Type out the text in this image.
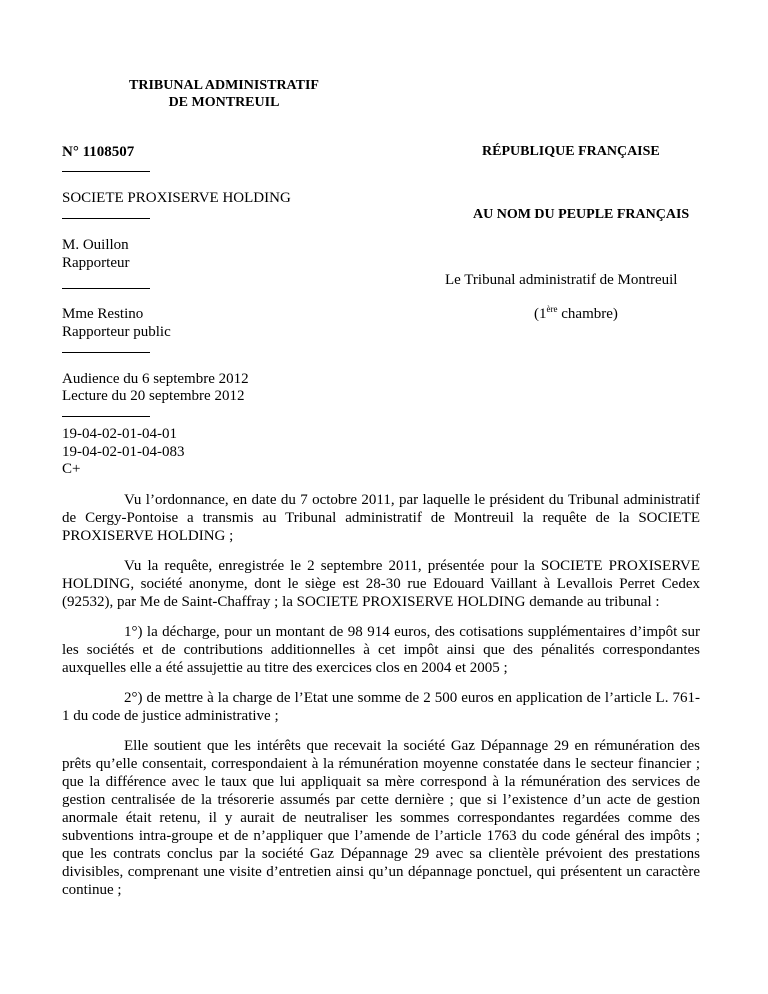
TRIBUNAL ADMINISTRATIF
DE MONTREUIL
N° 1108507
SOCIETE PROXISERVE HOLDING
M. Ouillon
Rapporteur
Mme Restino
Rapporteur public
Audience du 6 septembre 2012
Lecture du 20 septembre 2012
19-04-02-01-04-01
19-04-02-01-04-083
C+
RÉPUBLIQUE FRANÇAISE
AU NOM DU PEUPLE FRANÇAIS
Le Tribunal administratif de Montreuil
(1ère chambre)

Vu l’ordonnance, en date du 7 octobre 2011, par laquelle le président du Tribunal administratif de Cergy-Pontoise a transmis au Tribunal administratif de Montreuil la requête de la SOCIETE PROXISERVE HOLDING ;

Vu la requête, enregistrée le 2 septembre 2011, présentée pour la SOCIETE PROXISERVE HOLDING, société anonyme, dont le siège est 28-30 rue Edouard Vaillant à Levallois Perret Cedex (92532), par Me de Saint-Chaffray ; la SOCIETE PROXISERVE HOLDING demande au tribunal :

1°) la décharge, pour un montant de 98 914 euros, des cotisations supplémentaires d’impôt sur les sociétés et de contributions additionnelles à cet impôt ainsi que des pénalités correspondantes auxquelles elle a été assujettie au titre des exercices clos en 2004 et 2005 ;

2°) de mettre à la charge de l’Etat une somme de 2 500 euros en application de l’article L. 761-1 du code de justice administrative ;

Elle soutient que les intérêts que recevait la société Gaz Dépannage 29 en rémunération des prêts qu’elle consentait, correspondaient à la rémunération moyenne constatée dans le secteur financier ; que la différence avec le taux que lui appliquait sa mère correspond à la rémunération des services de gestion centralisée de la trésorerie assumés par cette dernière ; que si l’existence d’un acte de gestion anormale était retenu, il y aurait de neutraliser les sommes correspondantes regardées comme des subventions intra-groupe et de n’appliquer que l’amende de l’article 1763 du code général des impôts ; que les contrats conclus par la société Gaz Dépannage 29 avec sa clientèle prévoient des prestations divisibles, comprenant une visite d’entretien ainsi qu’un dépannage ponctuel, qui présentent un caractère continue ;
